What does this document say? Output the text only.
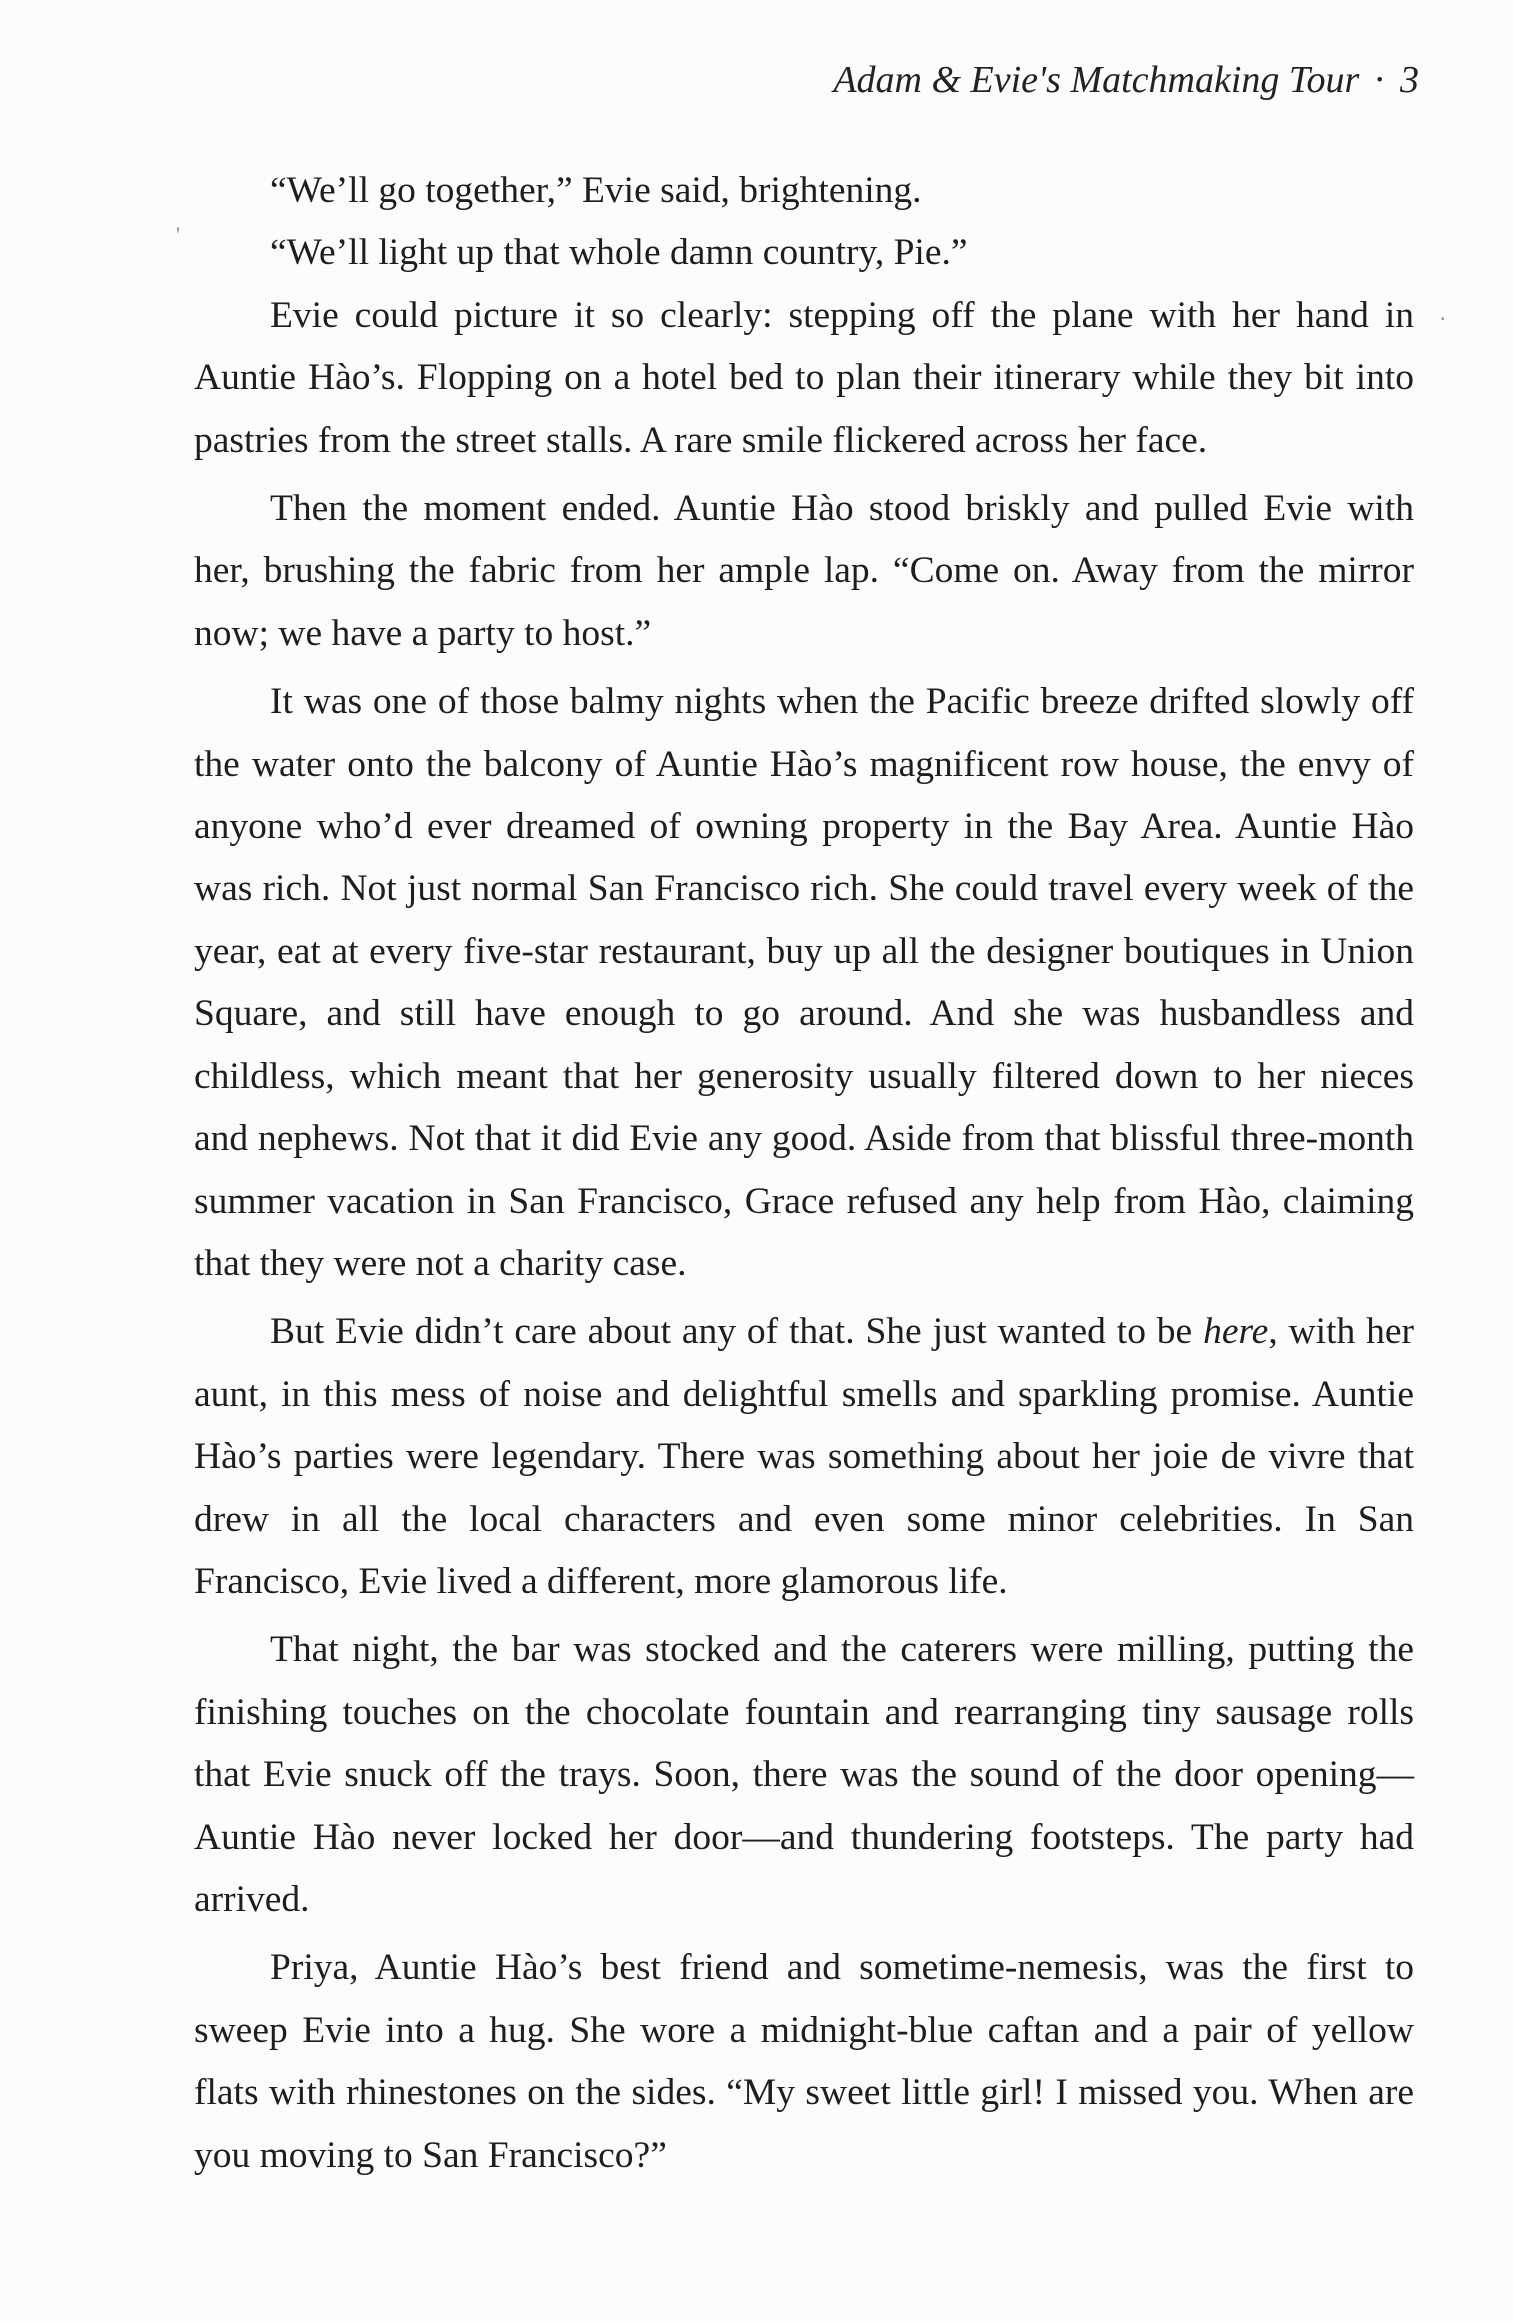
Adam & Evie's Matchmaking Tour · 3

“We’ll go together,” Evie said, brightening.

“We’ll light up that whole damn country, Pie.”

Evie could picture it so clearly: stepping off the plane with her hand in Auntie Hào’s. Flopping on a hotel bed to plan their itinerary while they bit into pastries from the street stalls. A rare smile flickered across her face.

Then the moment ended. Auntie Hào stood briskly and pulled Evie with her, brushing the fabric from her ample lap. “Come on. Away from the mirror now; we have a party to host.”

It was one of those balmy nights when the Pacific breeze drifted slowly off the water onto the balcony of Auntie Hào’s magnificent row house, the envy of anyone who’d ever dreamed of owning property in the Bay Area. Auntie Hào was rich. Not just normal San Francisco rich. She could travel every week of the year, eat at every five-star restaurant, buy up all the designer boutiques in Union Square, and still have enough to go around. And she was husbandless and childless, which meant that her generosity usually filtered down to her nieces and nephews. Not that it did Evie any good. Aside from that blissful three-month summer vacation in San Francisco, Grace refused any help from Hào, claiming that they were not a charity case.

But Evie didn’t care about any of that. She just wanted to be here, with her aunt, in this mess of noise and delightful smells and sparkling promise. Auntie Hào’s parties were legendary. There was something about her joie de vivre that drew in all the local characters and even some minor celebrities. In San Francisco, Evie lived a different, more glamorous life.

That night, the bar was stocked and the caterers were milling, putting the finishing touches on the chocolate fountain and rearranging tiny sausage rolls that Evie snuck off the trays. Soon, there was the sound of the door opening—Auntie Hào never locked her door—and thundering footsteps. The party had arrived.

Priya, Auntie Hào’s best friend and sometime-nemesis, was the first to sweep Evie into a hug. She wore a midnight-blue caftan and a pair of yellow flats with rhinestones on the sides. “My sweet little girl! I missed you. When are you moving to San Francisco?”

'
.
